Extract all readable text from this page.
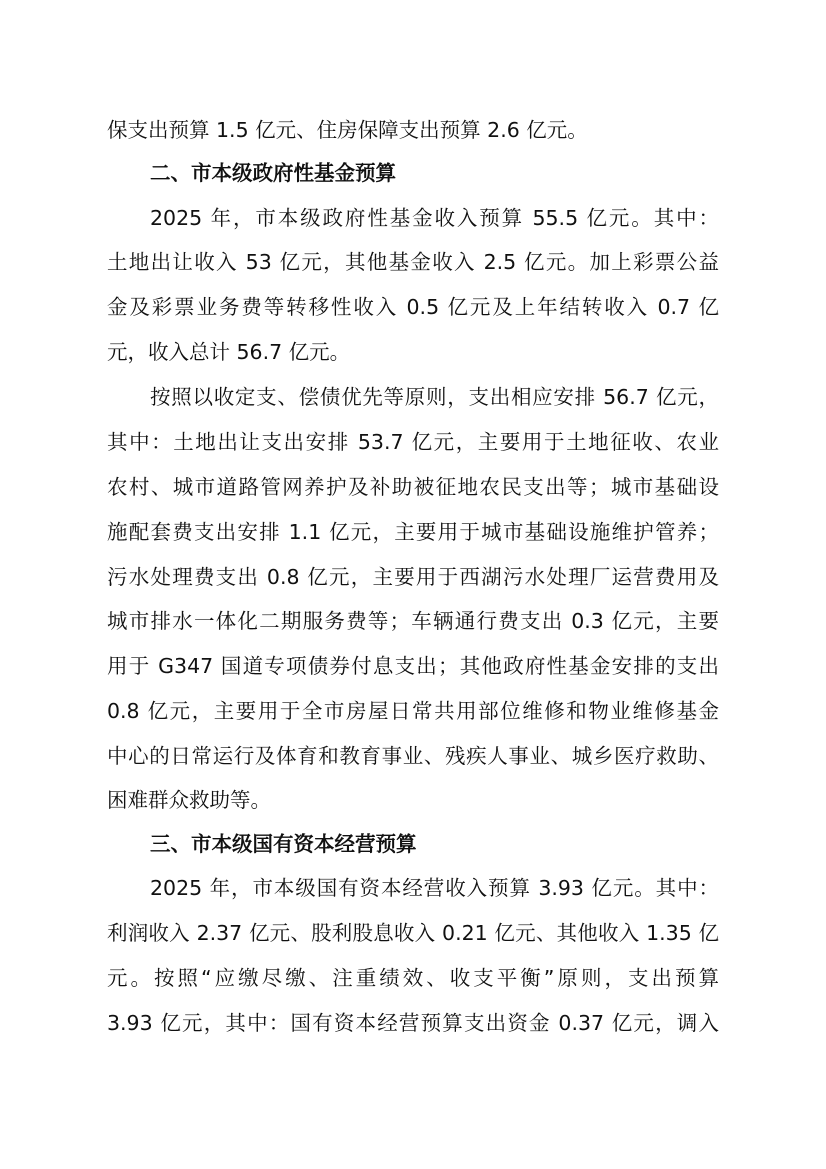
保支出预算 1.5 亿元、住房保障支出预算 2.6 亿元。
二、市本级政府性基金预算
2025 年，市本级政府性基金收入预算 55.5 亿元。其中：
土地出让收入 53 亿元，其他基金收入 2.5 亿元。加上彩票公益
金及彩票业务费等转移性收入 0.5 亿元及上年结转收入 0.7 亿
元，收入总计 56.7 亿元。
按照以收定支、偿债优先等原则，支出相应安排 56.7 亿元，
其中：土地出让支出安排 53.7 亿元，主要用于土地征收、农业
农村、城市道路管网养护及补助被征地农民支出等；城市基础设
施配套费支出安排 1.1 亿元，主要用于城市基础设施维护管养；
污水处理费支出 0.8 亿元，主要用于西湖污水处理厂运营费用及
城市排水一体化二期服务费等；车辆通行费支出 0.3 亿元，主要
用于 G347 国道专项债券付息支出；其他政府性基金安排的支出
0.8 亿元，主要用于全市房屋日常共用部位维修和物业维修基金
中心的日常运行及体育和教育事业、残疾人事业、城乡医疗救助、
困难群众救助等。
三、市本级国有资本经营预算
2025 年，市本级国有资本经营收入预算 3.93 亿元。其中：
利润收入 2.37 亿元、股利股息收入 0.21 亿元、其他收入 1.35 亿
元。按照“应缴尽缴、注重绩效、收支平衡”原则，支出预算
3.93 亿元，其中：国有资本经营预算支出资金 0.37 亿元，调入
